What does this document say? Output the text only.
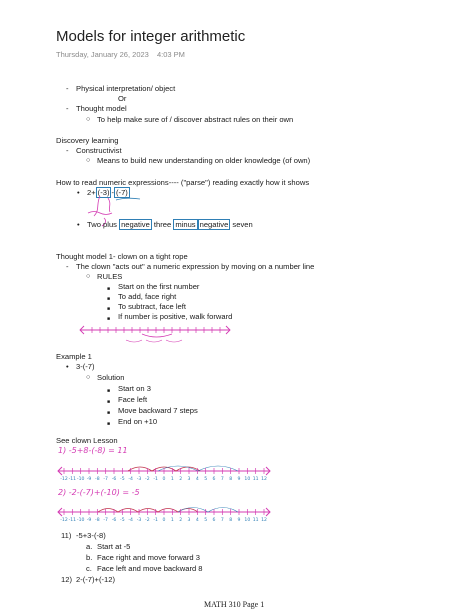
Models for integer arithmetic
Thursday, January 26, 2023 4:03 PM
- Physical interpretation/ object
Or
- Thought model
○ To help make sure of / discover abstract rules on their own
Discovery learning
- Constructivist
○ Means to build new understanding on older knowledge (of own)
How to read numeric expressions---- ("parse") reading exactly how it shows
• 2+ (-3) - (-7)
• Two plus negative three minus negative seven
Thought model 1- clown on a tight rope
- The clown "acts out" a numeric expression by moving on a number line
○ RULES
■ Start on the first number
■ To add, face right
■ To subtract, face left
■ If number is positive, walk forward
Example 1
• 3-(-7)
○ Solution
■ Start on 3
■ Face left
■ Move backward 7 steps
■ End on +10
See clown Lesson
1) -5+8-(-8) = 11
-12 -11 -10 -9 -8 -7 -6 -5 -4 -3 -2 -1 0 1 2 3 4 5 6 7 8 9 10 11 12
2) -2-(-7)+(-10) = -5
-12 -11 -10 -9 -8 -7 -6 -5 -4 -3 -2 -1 0 1 2 3 4 5 6 7 8 9 10 11 12
11) -5+3-(-8)
a. Start at -5
b. Face right and move forward 3
c. Face left and move backward 8
12) 2-(-7)+(-12)
MATH 310 Page 1
